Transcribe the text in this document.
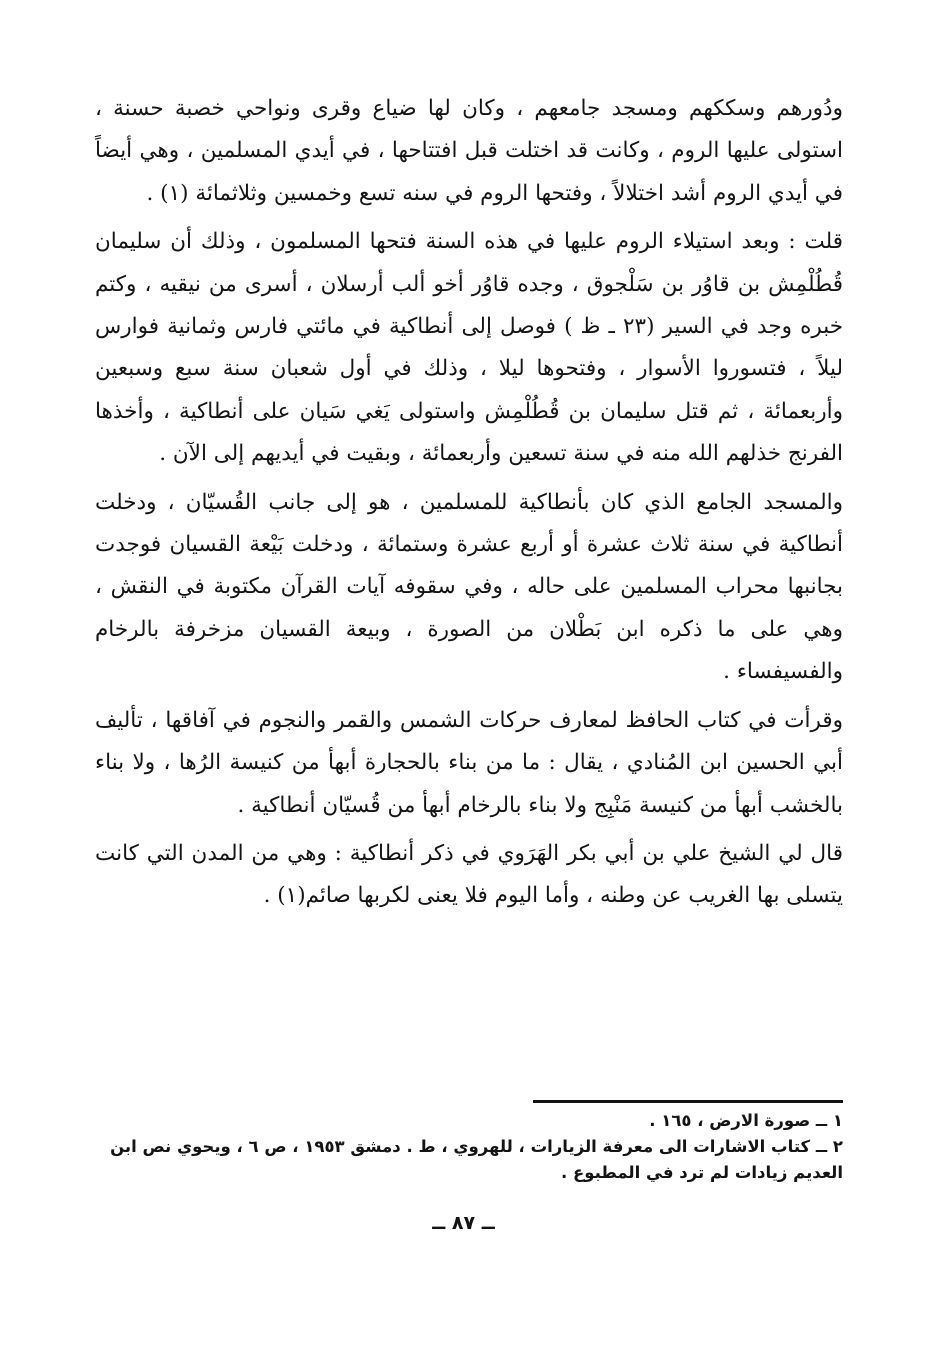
ودُورهم وسككهم ومسجد جامعهم ، وكان لها ضياع وقرى ونواحي خصبة حسنة ، استولى عليها الروم ، وكانت قد اختلت قبل افتتاحها ، في أيدي المسلمين ، وهي أيضاً في أيدي الروم أشد اختلالاً ، وفتحها الروم في سنه تسع وخمسين وثلاثمائة (١) .

قلت : وبعد استيلاء الروم عليها في هذه السنة فتحها المسلمون ، وذلك أن سليمان قُطُلْمِش بن قاوُر بن سَلْجوق ، وجده قاوُر أخو ألب أرسلان ، أسرى من نيقيه ، وكتم خبره وجد في السير (٢٣ ـ ظ ) فوصل إلى أنطاكية في مائتي فارس وثمانية فوارس ليلاً ، فتسوروا الأسوار ، وفتحوها ليلا ، وذلك في أول شعبان سنة سبع وسبعين وأربعمائة ، ثم قتل سليمان بن قُطُلْمِش واستولى يَغي سَيان على أنطاكية ، وأخذها الفرنج خذلهم الله منه في سنة تسعين وأربعمائة ، وبقيت في أيديهم إلى الآن .

والمسجد الجامع الذي كان بأنطاكية للمسلمين ، هو إلى جانب القُسيّان ، ودخلت أنطاكية في سنة ثلاث عشرة أو أربع عشرة وستمائة ، ودخلت بَيْعة القسيان فوجدت بجانبها محراب المسلمين على حاله ، وفي سقوفه آيات القرآن مكتوبة في النقش ، وهي على ما ذكره ابن بَطْلان من الصورة ، وبيعة القسيان مزخرفة بالرخام والفسيفساء .

وقرأت في كتاب الحافظ لمعارف حركات الشمس والقمر والنجوم في آفاقها ، تأليف أبي الحسين ابن المُنادي ، يقال : ما من بناء بالحجارة أبهأ من كنيسة الرُها ، ولا بناء بالخشب أبهأ من كنيسة مَنْبِج ولا بناء بالرخام أبهأ من قُسيّان أنطاكية .

قال لي الشيخ علي بن أبي بكر الهَرَوي في ذكر أنطاكية : وهي من المدن التي كانت يتسلى بها الغريب عن وطنه ، وأما اليوم فلا يعنى لكربها صائم(١) .

١ ــ صورة الارض ، ١٦٥ .

٢ ــ كتاب الاشارات الى معرفة الزيارات ، للهروي ، ط . دمشق ١٩٥٣ ، ص ٦ ، ويحوي نص ابن العديم زيادات لم ترد في المطبوع .

ــ ٨٧ ــ
